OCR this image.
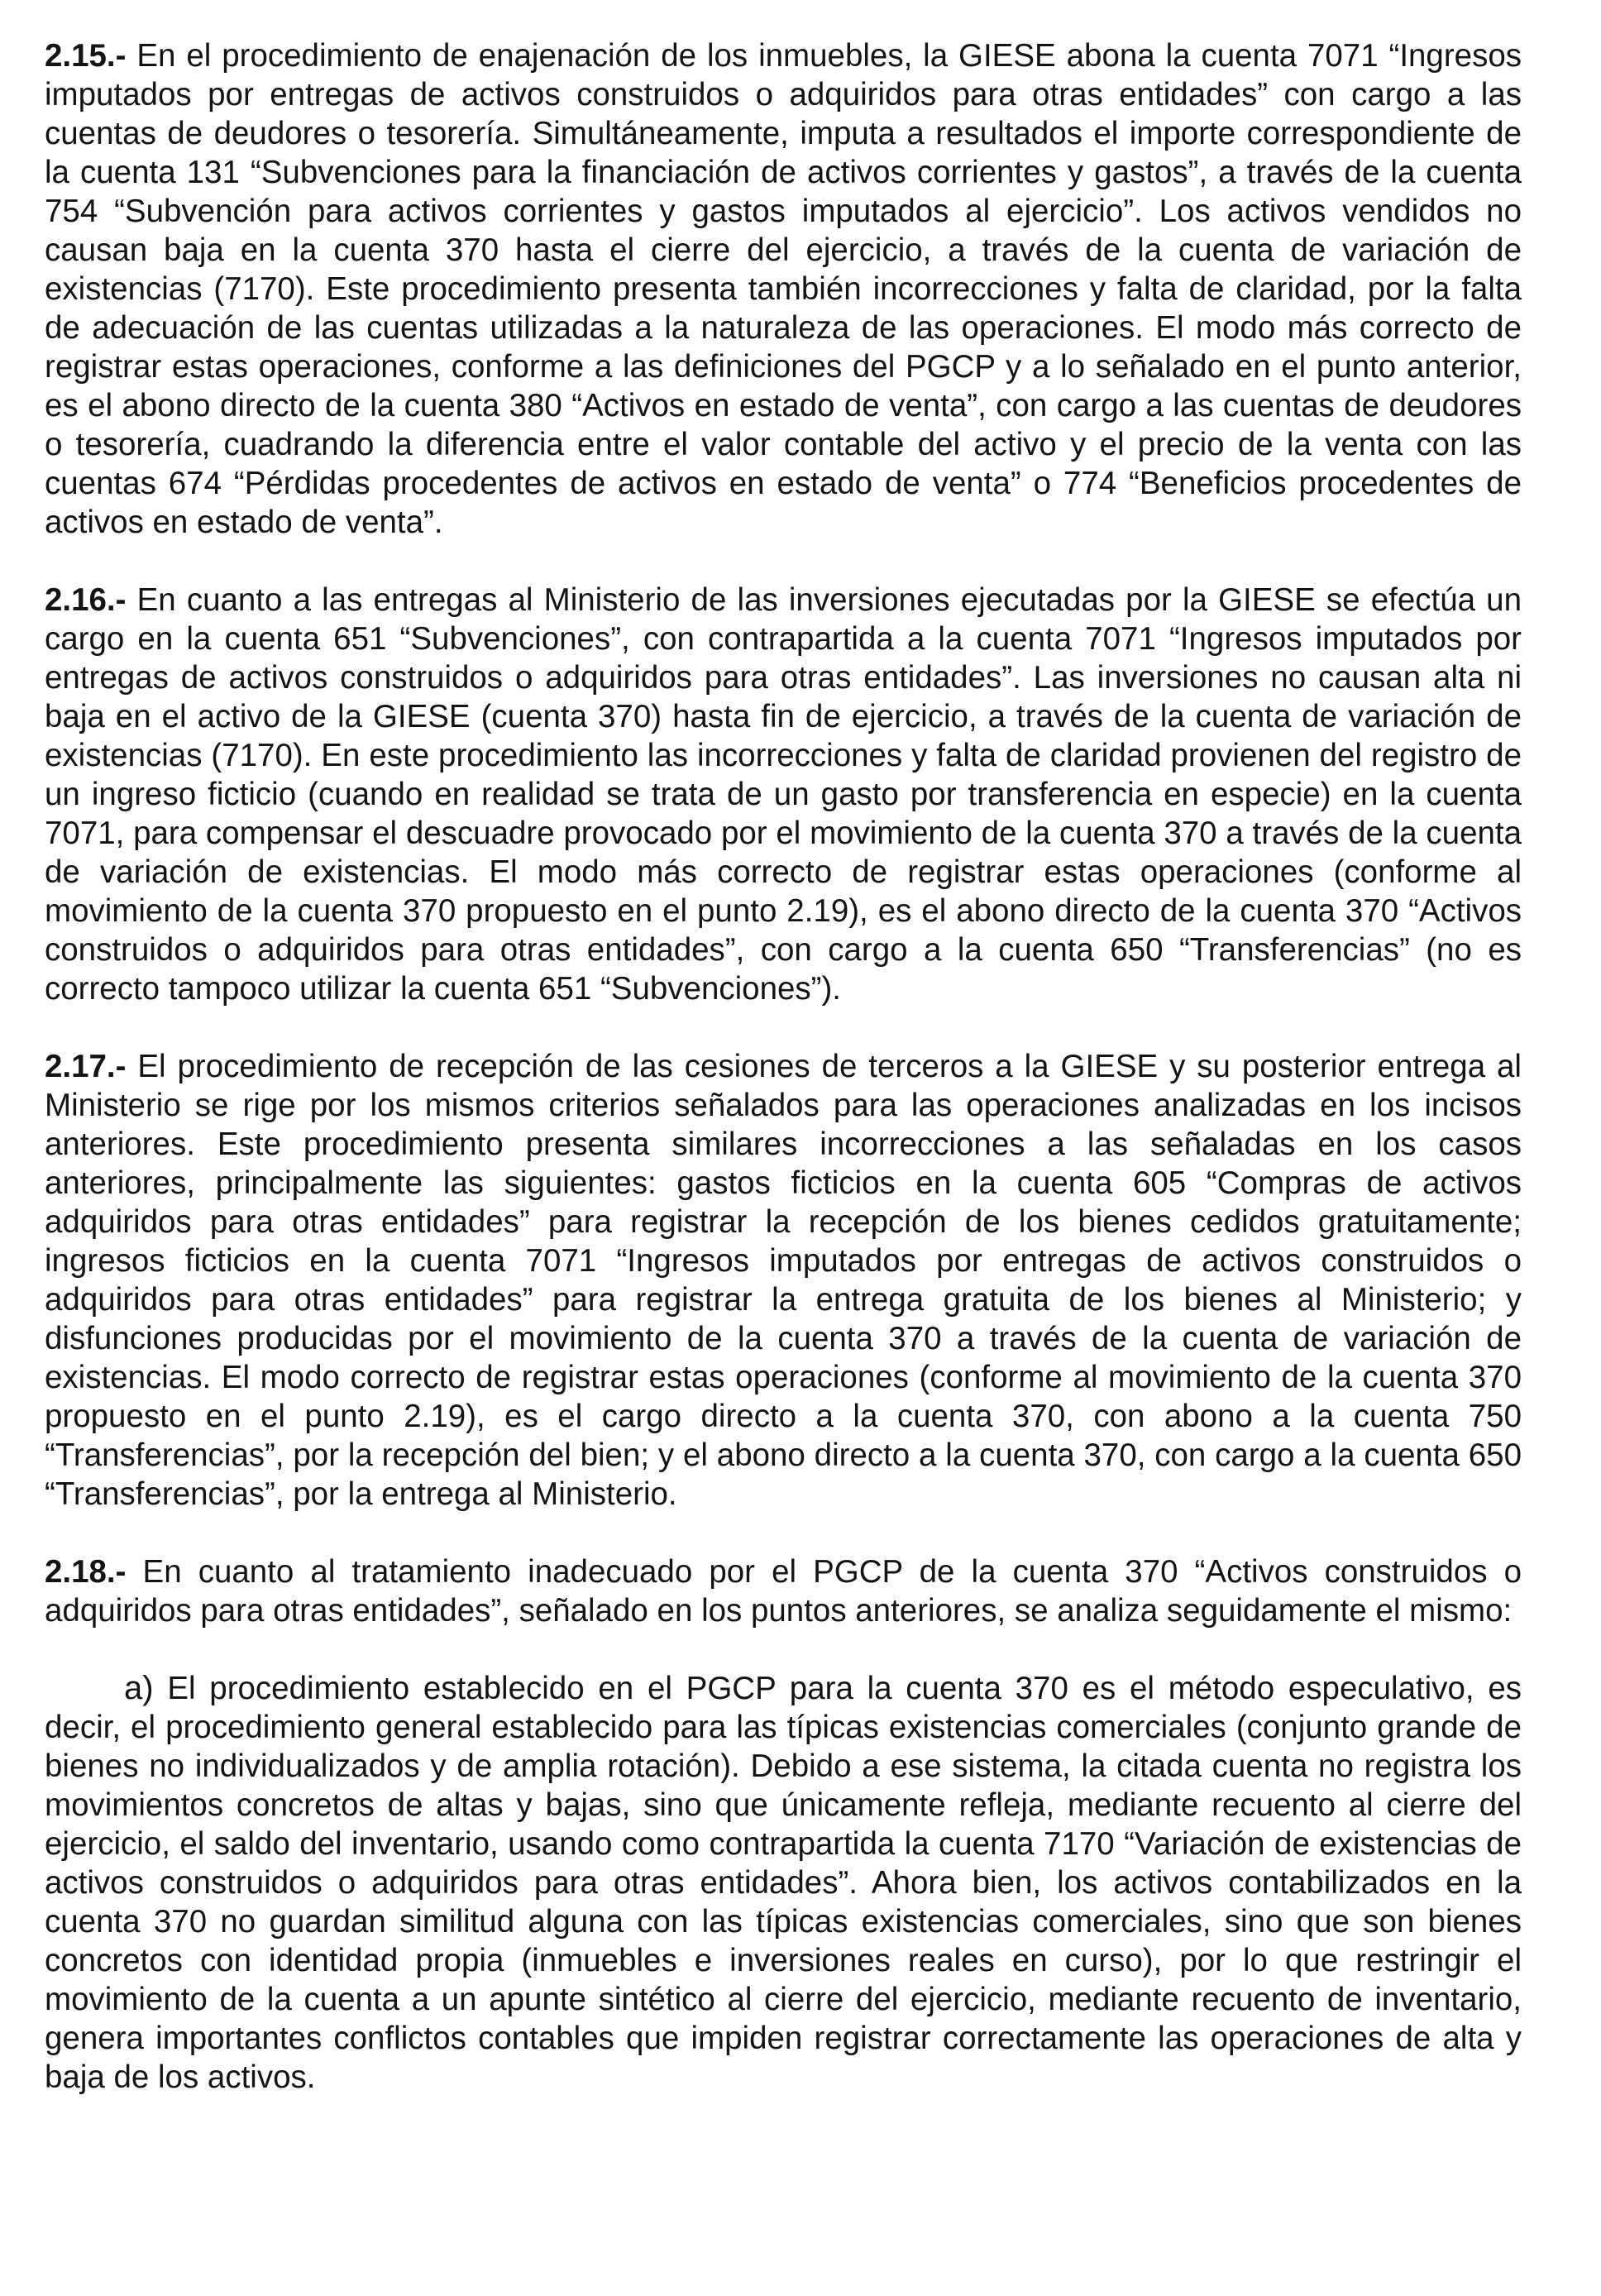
2.15.- En el procedimiento de enajenación de los inmuebles, la GIESE abona la cuenta 7071 “Ingresos imputados por entregas de activos construidos o adquiridos para otras entidades” con cargo a las cuentas de deudores o tesorería. Simultáneamente, imputa a resultados el importe correspondiente de la cuenta 131 “Subvenciones para la financiación de activos corrientes y gastos”, a través de la cuenta 754 “Subvención para activos corrientes y gastos imputados al ejercicio”. Los activos vendidos no causan baja en la cuenta 370 hasta el cierre del ejercicio, a través de la cuenta de variación de existencias (7170). Este procedimiento presenta también incorrecciones y falta de claridad, por la falta de adecuación de las cuentas utilizadas a la naturaleza de las operaciones. El modo más correcto de registrar estas operaciones, conforme a las definiciones del PGCP y a lo señalado en el punto anterior, es el abono directo de la cuenta 380 “Activos en estado de venta”, con cargo a las cuentas de deudores o tesorería, cuadrando la diferencia entre el valor contable del activo y el precio de la venta con las cuentas 674 “Pérdidas procedentes de activos en estado de venta” o 774 “Beneficios procedentes de activos en estado de venta”.

2.16.- En cuanto a las entregas al Ministerio de las inversiones ejecutadas por la GIESE se efectúa un cargo en la cuenta 651 “Subvenciones”, con contrapartida a la cuenta 7071 “Ingresos imputados por entregas de activos construidos o adquiridos para otras entidades”. Las inversiones no causan alta ni baja en el activo de la GIESE (cuenta 370) hasta fin de ejercicio, a través de la cuenta de variación de existencias (7170). En este procedimiento las incorrecciones y falta de claridad provienen del registro de un ingreso ficticio (cuando en realidad se trata de un gasto por transferencia en especie) en la cuenta 7071, para compensar el descuadre provocado por el movimiento de la cuenta 370 a través de la cuenta de variación de existencias. El modo más correcto de registrar estas operaciones (conforme al movimiento de la cuenta 370 propuesto en el punto 2.19), es el abono directo de la cuenta 370 “Activos construidos o adquiridos para otras entidades”, con cargo a la cuenta 650 “Transferencias” (no es correcto tampoco utilizar la cuenta 651 “Subvenciones”).

2.17.- El procedimiento de recepción de las cesiones de terceros a la GIESE y su posterior entrega al Ministerio se rige por los mismos criterios señalados para las operaciones analizadas en los incisos anteriores. Este procedimiento presenta similares incorrecciones a las señaladas en los casos anteriores, principalmente las siguientes: gastos ficticios en la cuenta 605 “Compras de activos adquiridos para otras entidades” para registrar la recepción de los bienes cedidos gratuitamente; ingresos ficticios en la cuenta 7071 “Ingresos imputados por entregas de activos construidos o adquiridos para otras entidades” para registrar la entrega gratuita de los bienes al Ministerio; y disfunciones producidas por el movimiento de la cuenta 370 a través de la cuenta de variación de existencias. El modo correcto de registrar estas operaciones (conforme al movimiento de la cuenta 370 propuesto en el punto 2.19), es el cargo directo a la cuenta 370, con abono a la cuenta 750 “Transferencias”, por la recepción del bien; y el abono directo a la cuenta 370, con cargo a la cuenta 650 “Transferencias”, por la entrega al Ministerio.

2.18.- En cuanto al tratamiento inadecuado por el PGCP de la cuenta 370 “Activos construidos o adquiridos para otras entidades”, señalado en los puntos anteriores, se analiza seguidamente el mismo:

a) El procedimiento establecido en el PGCP para la cuenta 370 es el método especulativo, es decir, el procedimiento general establecido para las típicas existencias comerciales (conjunto grande de bienes no individualizados y de amplia rotación). Debido a ese sistema, la citada cuenta no registra los movimientos concretos de altas y bajas, sino que únicamente refleja, mediante recuento al cierre del ejercicio, el saldo del inventario, usando como contrapartida la cuenta 7170 “Variación de existencias de activos construidos o adquiridos para otras entidades”. Ahora bien, los activos contabilizados en la cuenta 370 no guardan similitud alguna con las típicas existencias comerciales, sino que son bienes concretos con identidad propia (inmuebles e inversiones reales en curso), por lo que restringir el movimiento de la cuenta a un apunte sintético al cierre del ejercicio, mediante recuento de inventario, genera importantes conflictos contables que impiden registrar correctamente las operaciones de alta y baja de los activos.
